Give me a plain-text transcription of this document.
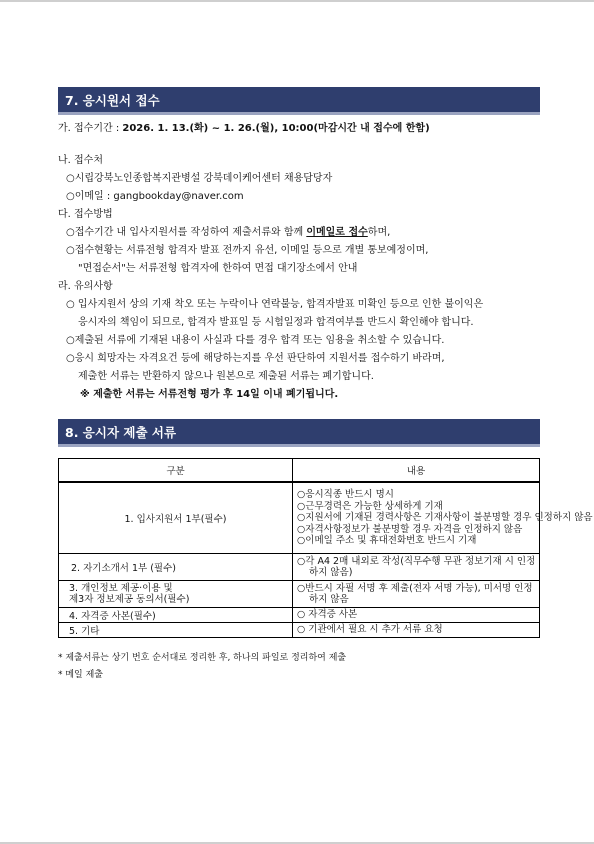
7. 응시원서 접수
가. 접수기간 : 2026. 1. 13.(화) ~ 1. 26.(월), 10:00(마감시간 내 접수에 한함)
나. 접수처
○시립강북노인종합복지관병설 강북데이케어센터 채용담당자
○이메일 : gangbookday@naver.com
다. 접수방법
○접수기간 내 입사지원서를 작성하여 제출서류와 함께 이메일로 접수하며,
○접수현황는 서류전형 합격자 발표 전까지 유선, 이메일 등으로 개별 통보예정이며,
"면접순서"는 서류전형 합격자에 한하여 면접 대기장소에서 안내
라. 유의사항
○ 입사지원서 상의 기재 착오 또는 누락이나 연락불능, 합격자발표 미확인 등으로 인한 불이익은
응시자의 책임이 되므로, 합격자 발표일 등 시험일정과 합격여부를 반드시 확인해야 합니다.
○제출된 서류에 기재된 내용이 사실과 다를 경우 합격 또는 임용을 취소할 수 있습니다.
○응시 희망자는 자격요건 등에 해당하는지를 우선 판단하여 지원서를 접수하기 바라며,
제출한 서류는 반환하지 않으나 원본으로 제출된 서류는 폐기합니다.
※ 제출한 서류는 서류전형 평가 후 14일 이내 폐기됩니다.
8. 응시자 제출 서류
구분	내용
1. 입사지원서 1부(필수)	○응시직종 반드시 명시
○근무경력은 가능한 상세하게 기재
○지원서에 기재된 경력사항은 기재사항이 불분명할 경우 인정하지 않음
○자격사항정보가 불분명할 경우 자격을 인정하지 않음
○이메일 주소 및 휴대전화번호 반드시 기재

2. 자기소개서 1부 (필수)	○각 A4 2매 내외로 작성(직무수행 무관 정보기재 시 인정
하지 않음)

3. 개인정보 제공·이용 및
제3자 정보제공 동의서(필수)	○반드시 자필 서명 후 제출(전자 서명 가능), 미서명 인정
하지 않음

4. 자격증 사본(필수)	○ 자격증 사본

5. 기타	○ 기관에서 필요 시 추가 서류 요청
* 제출서류는 상기 번호 순서대로 정리한 후, 하나의 파일로 정리하여 제출
* 메일 제출
